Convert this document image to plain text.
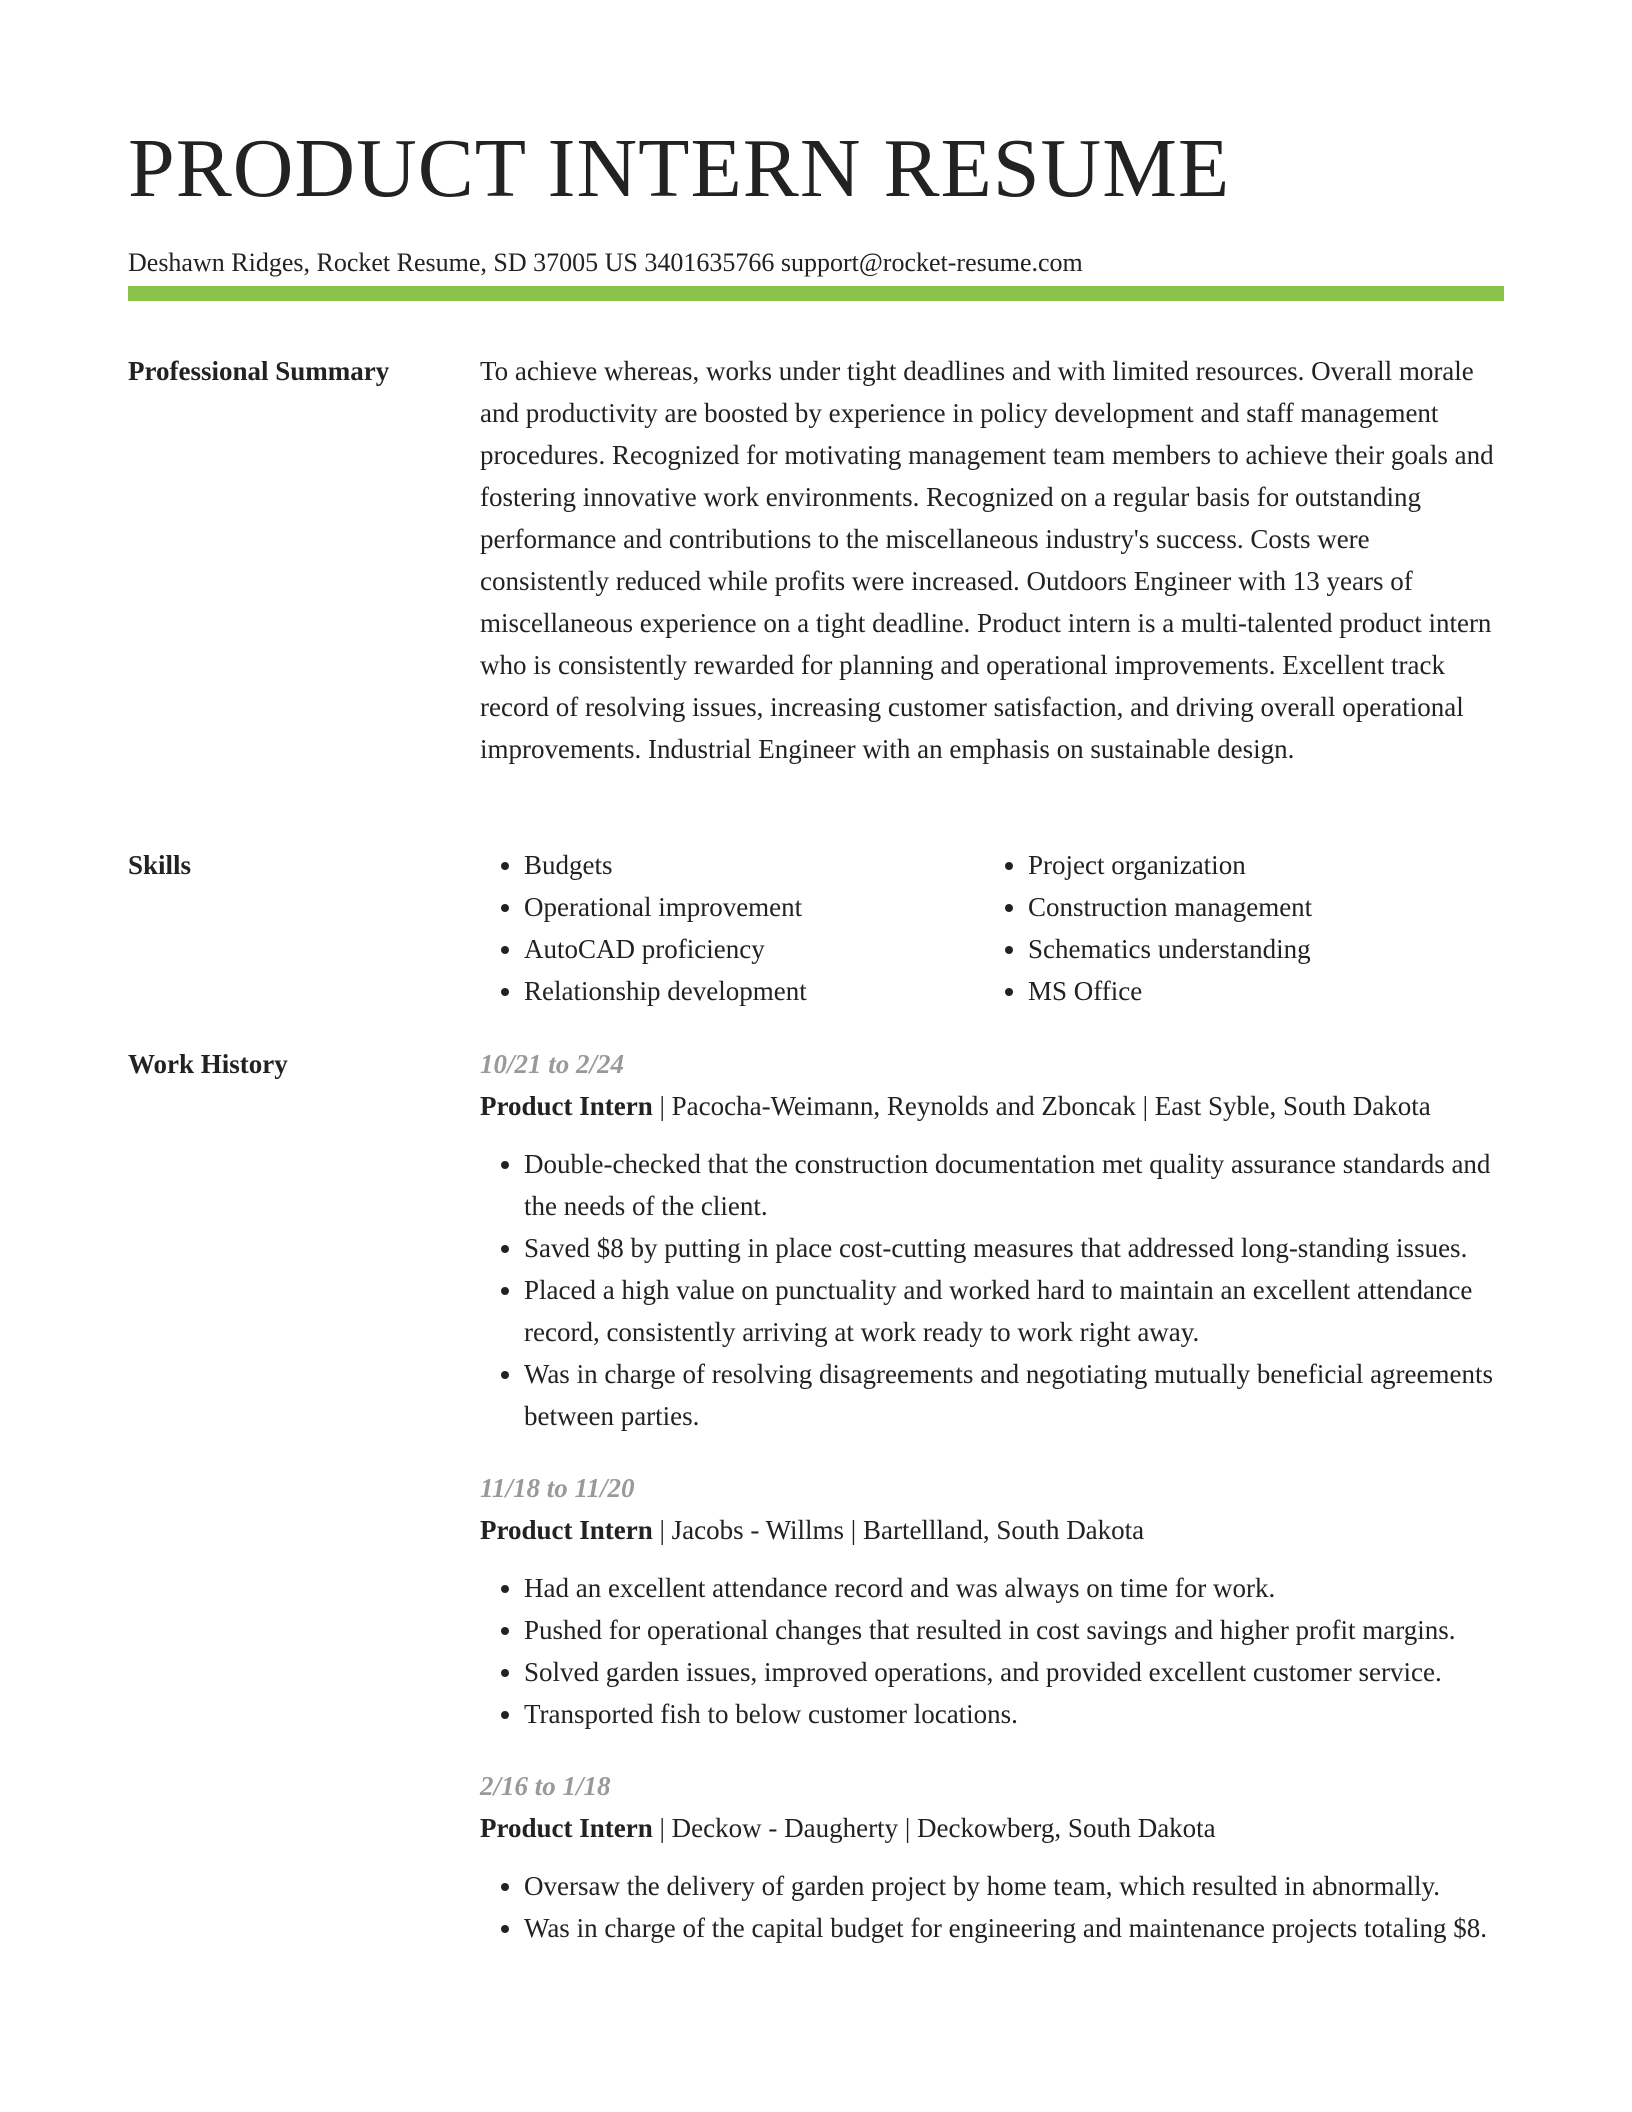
PRODUCT INTERN RESUME
Deshawn Ridges, Rocket Resume, SD 37005 US 3401635766 support@rocket-resume.com
Professional Summary	To achieve whereas, works under tight deadlines and with limited resources. Overall morale and productivity are boosted by experience in policy development and staff management procedures. Recognized for motivating management team members to achieve their goals and fostering innovative work environments. Recognized on a regular basis for outstanding performance and contributions to the miscellaneous industry's success. Costs were consistently reduced while profits were increased. Outdoors Engineer with 13 years of miscellaneous experience on a tight deadline. Product intern is a multi-talented product intern who is consistently rewarded for planning and operational improvements. Excellent track record of resolving issues, increasing customer satisfaction, and driving overall operational improvements. Industrial Engineer with an emphasis on sustainable design.

Skills
•	Budgets
• Operational improvement
• AutoCAD proficiency
• Relationship development
• Project organization
• Construction management
• Schematics understanding
• MS Office
Work History	10/21 to 2/24
Product Intern | Pacocha-Weimann, Reynolds and Zboncak | East Syble, South Dakota
• Double-checked that the construction documentation met quality assurance standards and the needs of the client.
• Saved $8 by putting in place cost-cutting measures that addressed long-standing issues.
• Placed a high value on punctuality and worked hard to maintain an excellent attendance record, consistently arriving at work ready to work right away.
• Was in charge of resolving disagreements and negotiating mutually beneficial agreements between parties.
11/18 to 11/20
Product Intern | Jacobs - Willms | Bartellland, South Dakota
• Had an excellent attendance record and was always on time for work.
• Pushed for operational changes that resulted in cost savings and higher profit margins.
• Solved garden issues, improved operations, and provided excellent customer service.
• Transported fish to below customer locations.
2/16 to 1/18
Product Intern | Deckow - Daugherty | Deckowberg, South Dakota
• Oversaw the delivery of garden project by home team, which resulted in abnormally.
• Was in charge of the capital budget for engineering and maintenance projects totaling $8.
